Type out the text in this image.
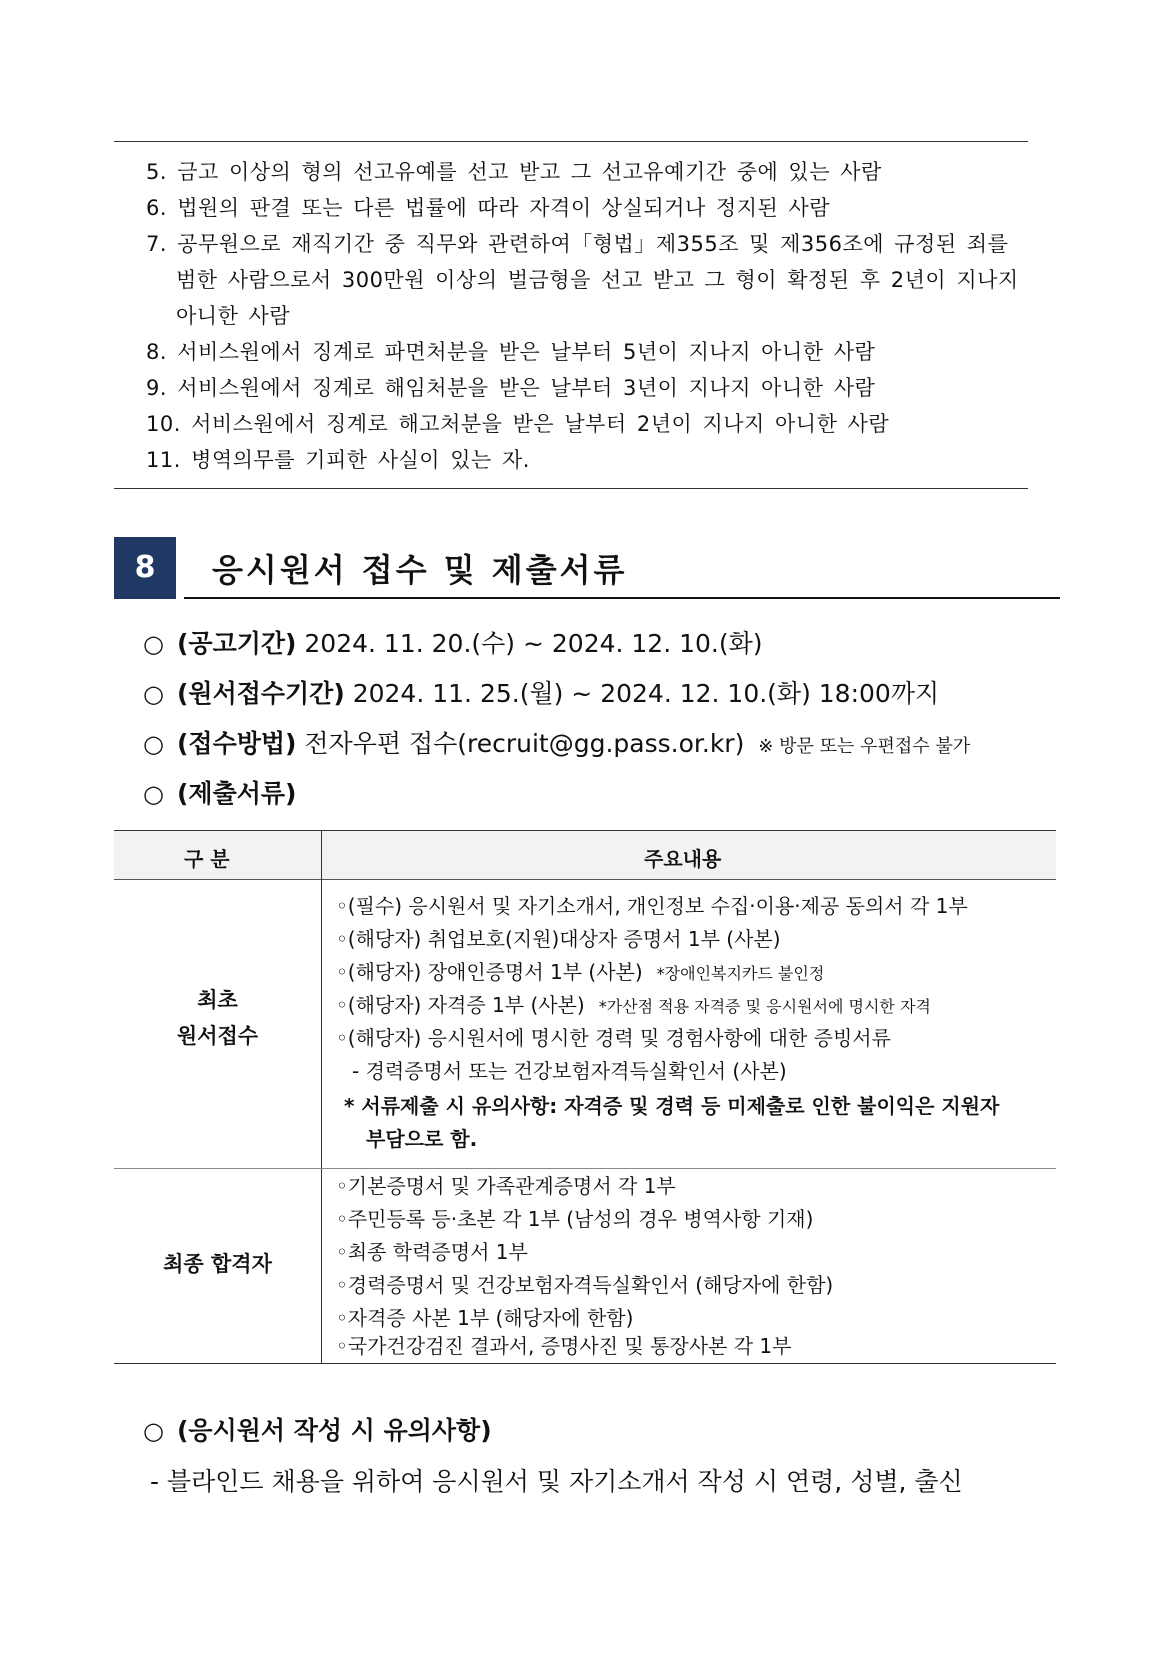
5. 금고 이상의 형의 선고유예를 선고 받고 그 선고유예기간 중에 있는 사람
6. 법원의 판결 또는 다른 법률에 따라 자격이 상실되거나 정지된 사람
7. 공무원으로 재직기간 중 직무와 관련하여「형법」제355조 및 제356조에 규정된 죄를
범한 사람으로서 300만원 이상의 벌금형을 선고 받고 그 형이 확정된 후 2년이 지나지
아니한 사람
8. 서비스원에서 징계로 파면처분을 받은 날부터 5년이 지나지 아니한 사람
9. 서비스원에서 징계로 해임처분을 받은 날부터 3년이 지나지 아니한 사람
10. 서비스원에서 징계로 해고처분을 받은 날부터 2년이 지나지 아니한 사람
11. 병역의무를 기피한 사실이 있는 자.
8	응시원서 접수 및 제출서류
○ (공고기간) 2024. 11. 20.(수) ~ 2024. 12. 10.(화)
○ (원서접수기간) 2024. 11. 25.(월) ~ 2024. 12. 10.(화) 18:00까지
○ (접수방법) 전자우편 접수(recruit@gg.pass.or.kr) ※ 방문 또는 우편접수 불가
○ (제출서류)
구 분	주요내용
최초
원서접수
◦(필수) 응시원서 및 자기소개서, 개인정보 수집·이용·제공 동의서 각 1부
◦(해당자) 취업보호(지원)대상자 증명서 1부 (사본)
◦(해당자) 장애인증명서 1부 (사본) *장애인복지카드 불인정
◦(해당자) 자격증 1부 (사본) *가산점 적용 자격증 및 응시원서에 명시한 자격
◦(해당자) 응시원서에 명시한 경력 및 경험사항에 대한 증빙서류
- 경력증명서 또는 건강보험자격득실확인서 (사본)
* 서류제출 시 유의사항: 자격증 및 경력 등 미제출로 인한 불이익은 지원자
부담으로 함.
최종 합격자
◦기본증명서 및 가족관계증명서 각 1부
◦주민등록 등·초본 각 1부 (남성의 경우 병역사항 기재)
◦최종 학력증명서 1부
◦경력증명서 및 건강보험자격득실확인서 (해당자에 한함)
◦자격증 사본 1부 (해당자에 한함)
◦국가건강검진 결과서, 증명사진 및 통장사본 각 1부
○ (응시원서 작성 시 유의사항)
- 블라인드 채용을 위하여 응시원서 및 자기소개서 작성 시 연령, 성별, 출신
